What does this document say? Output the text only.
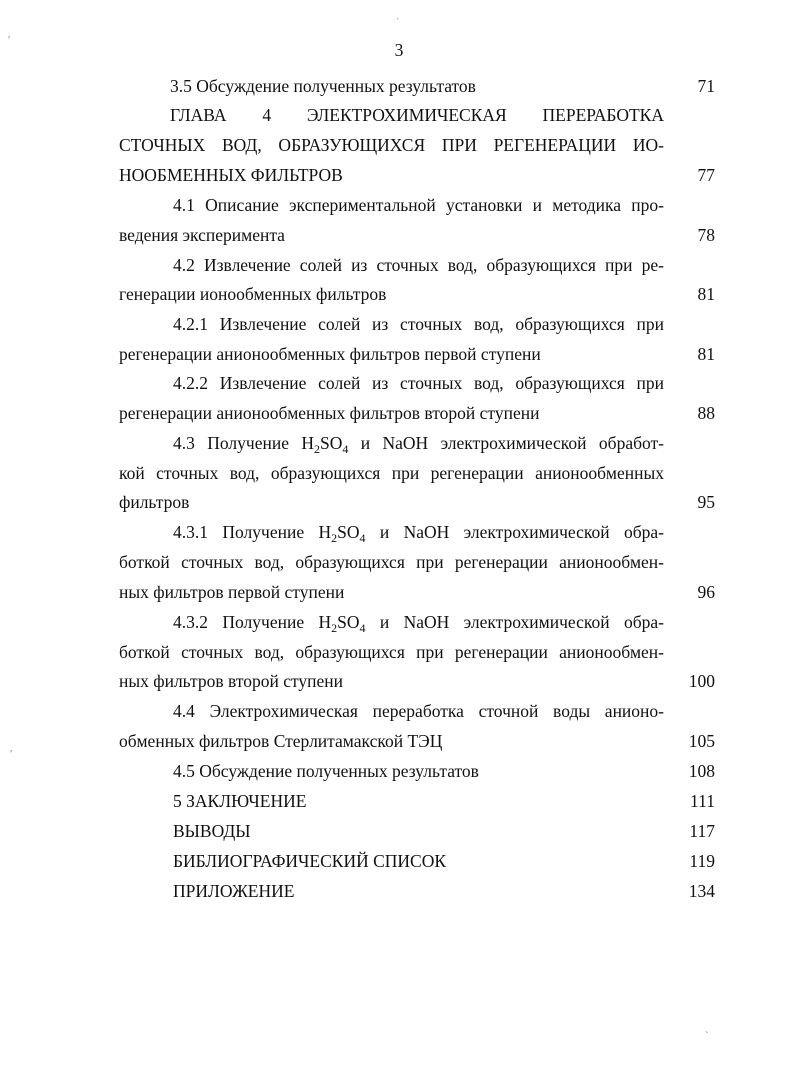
3
3.5 Обсуждение полученных результатов	71
ГЛАВА 4 ЭЛЕКТРОХИМИЧЕСКАЯ ПЕРЕРАБОТКА
СТОЧНЫХ ВОД, ОБРАЗУЮЩИХСЯ ПРИ РЕГЕНЕРАЦИИ ИО-
НООБМЕННЫХ ФИЛЬТРОВ	77
4.1 Описание экспериментальной установки и методика про-
ведения эксперимента	78
4.2 Извлечение солей из сточных вод, образующихся при ре-
генерации ионообменных фильтров	81
4.2.1 Извлечение солей из сточных вод, образующихся при
регенерации анионообменных фильтров первой ступени	81
4.2.2 Извлечение солей из сточных вод, образующихся при
регенерации анионообменных фильтров второй ступени	88
4.3 Получение $H_2SO_4$ и NaOH электрохимической обработ-
кой сточных вод, образующихся при регенерации анионообменных
фильтров	95
4.3.1 Получение $H_2SO_4$ и NaOH электрохимической обра-
боткой сточных вод, образующихся при регенерации анионообмен-
ных фильтров первой ступени	96
4.3.2 Получение $H_2SO_4$ и NaOH электрохимической обра-
боткой сточных вод, образующихся при регенерации анионообмен-
ных фильтров второй ступени	100
4.4 Электрохимическая переработка сточной воды анионо-
обменных фильтров Стерлитамакской ТЭЦ	105
4.5 Обсуждение полученных результатов	108
5 ЗАКЛЮЧЕНИЕ	111
ВЫВОДЫ	117
БИБЛИОГРАФИЧЕСКИЙ СПИСОК	119
ПРИЛОЖЕНИЕ	134
′
ˌ
′
ˋ
